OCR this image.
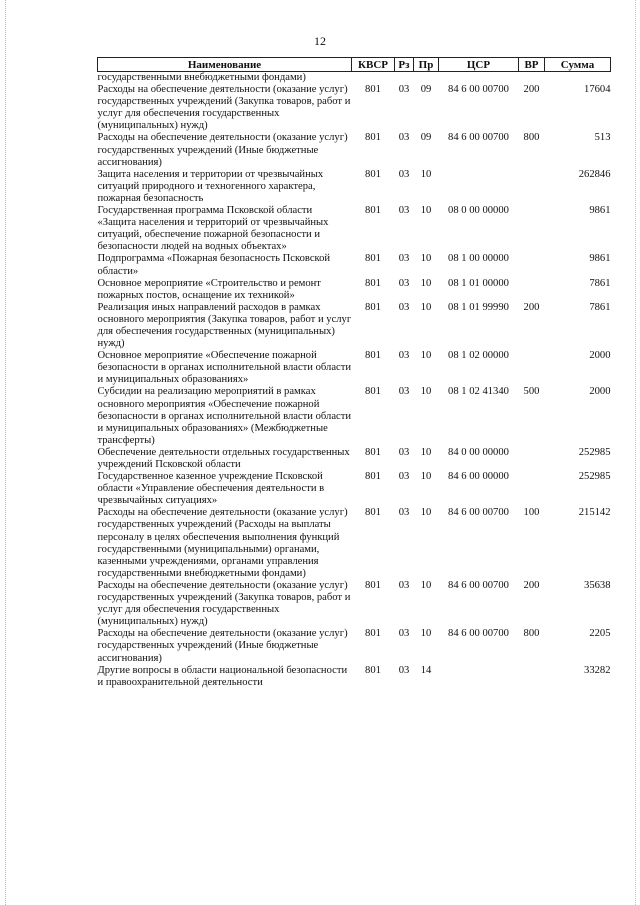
12
Наименование	КВСР	Рз	Пр	ЦСР	ВР	Сумма
государственными внебюджетными фондами)						
Расходы на обеспечение деятельности (оказание услуг) государственных учреждений (Закупка товаров, работ и услуг для обеспечения государственных (муниципальных) нужд)	801	03	09	84 6 00 00700	200	17604
Расходы на обеспечение деятельности (оказание услуг) государственных учреждений (Иные бюджетные ассигнования)	801	03	09	84 6 00 00700	800	513
Защита населения и территории от чрезвычайных ситуаций природного и техногенного характера, пожарная безопасность	801	03	10			262846
Государственная программа Псковской области «Защита населения и территорий от чрезвычайных ситуаций, обеспечение пожарной безопасности и безопасности людей на водных объектах»	801	03	10	08 0 00 00000		9861
Подпрограмма «Пожарная безопасность Псковской области»	801	03	10	08 1 00 00000		9861
Основное мероприятие «Строительство и ремонт пожарных постов, оснащение их техникой»	801	03	10	08 1 01 00000		7861
Реализация иных направлений расходов в рамках основного мероприятия (Закупка товаров, работ и услуг для обеспечения государственных (муниципальных) нужд)	801	03	10	08 1 01 99990	200	7861
Основное мероприятие «Обеспечение пожарной безопасности в органах исполнительной власти области и муниципальных образованиях»	801	03	10	08 1 02 00000		2000
Субсидии на реализацию мероприятий в рамках основного мероприятия «Обеспечение пожарной безопасности в органах исполнительной власти области и муниципальных образованиях» (Межбюджетные трансферты)	801	03	10	08 1 02 41340	500	2000
Обеспечение деятельности отдельных государственных учреждений Псковской области	801	03	10	84 0 00 00000		252985
Государственное казенное учреждение Псковской области «Управление обеспечения деятельности в чрезвычайных ситуациях»	801	03	10	84 6 00 00000		252985
Расходы на обеспечение деятельности (оказание услуг) государственных учреждений (Расходы на выплаты персоналу в целях обеспечения выполнения функций государственными (муниципальными) органами, казенными учреждениями, органами управления государственными внебюджетными фондами)	801	03	10	84 6 00 00700	100	215142
Расходы на обеспечение деятельности (оказание услуг) государственных учреждений (Закупка товаров, работ и услуг для обеспечения государственных (муниципальных) нужд)	801	03	10	84 6 00 00700	200	35638
Расходы на обеспечение деятельности (оказание услуг) государственных учреждений (Иные бюджетные ассигнования)	801	03	10	84 6 00 00700	800	2205
Другие вопросы в области национальной безопасности и правоохранительной деятельности	801	03	14			33282
